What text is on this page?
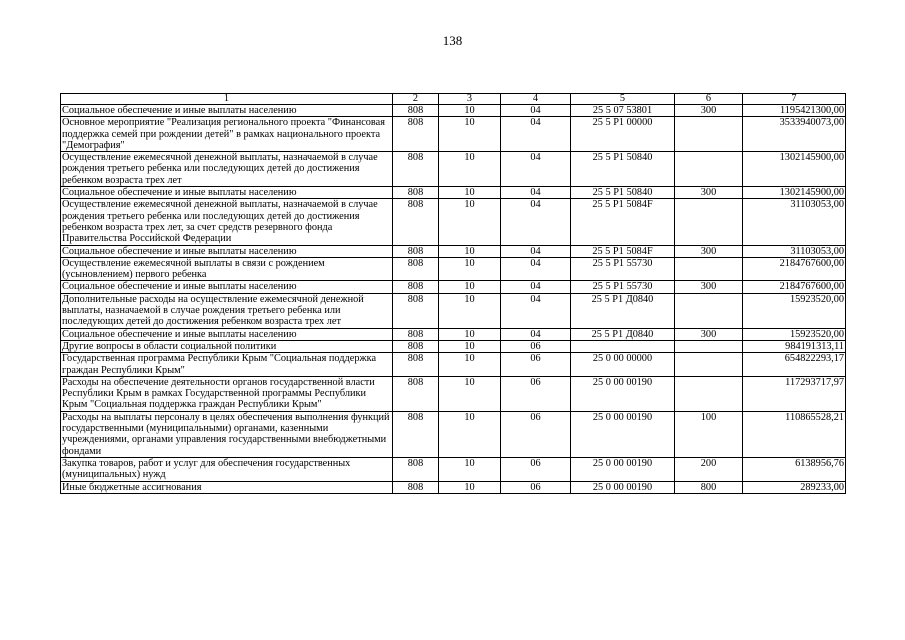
138
1	2	3	4	5	6	7
Социальное обеспечение и иные выплаты населению	808	10	04	25 5 07 53801	300	1195421300,00
Основное мероприятие "Реализация регионального проекта "Финансовая поддержка семей при рождении детей" в рамках национального проекта "Демография"	808	10	04	25 5 Р1 00000		3533940073,00
Осуществление ежемесячной денежной выплаты, назначаемой в случае рождения третьего ребенка или последующих детей до достижения ребенком возраста трех лет	808	10	04	25 5 Р1 50840		1302145900,00
Социальное обеспечение и иные выплаты населению	808	10	04	25 5 Р1 50840	300	1302145900,00
Осуществление ежемесячной денежной выплаты, назначаемой в случае рождения третьего ребенка или последующих детей до достижения ребенком возраста трех лет, за счет средств резервного фонда Правительства Российской Федерации	808	10	04	25 5 Р1 5084F		31103053,00
Социальное обеспечение и иные выплаты населению	808	10	04	25 5 Р1 5084F	300	31103053,00
Осуществление ежемесячной выплаты в связи с рождением (усыновлением) первого ребенка	808	10	04	25 5 Р1 55730		2184767600,00
Социальное обеспечение и иные выплаты населению	808	10	04	25 5 Р1 55730	300	2184767600,00
Дополнительные расходы на осуществление ежемесячной денежной выплаты, назначаемой в случае рождения третьего ребенка или последующих детей до достижения ребенком возраста трех лет	808	10	04	25 5 Р1 Д0840		15923520,00
Социальное обеспечение и иные выплаты населению	808	10	04	25 5 Р1 Д0840	300	15923520,00
Другие вопросы в области социальной политики	808	10	06			984191313,11
Государственная программа Республики Крым "Социальная поддержка граждан Республики Крым"	808	10	06	25 0 00 00000		654822293,17
Расходы на обеспечение деятельности органов государственной власти Республики Крым в рамках Государственной программы Республики Крым "Социальная поддержка граждан Республики Крым"	808	10	06	25 0 00 00190		117293717,97
Расходы на выплаты персоналу в целях обеспечения выполнения функций государственными (муниципальными) органами, казенными учреждениями, органами управления государственными внебюджетными фондами	808	10	06	25 0 00 00190	100	110865528,21
Закупка товаров, работ и услуг для обеспечения государственных (муниципальных) нужд	808	10	06	25 0 00 00190	200	6138956,76
Иные бюджетные ассигнования	808	10	06	25 0 00 00190	800	289233,00
